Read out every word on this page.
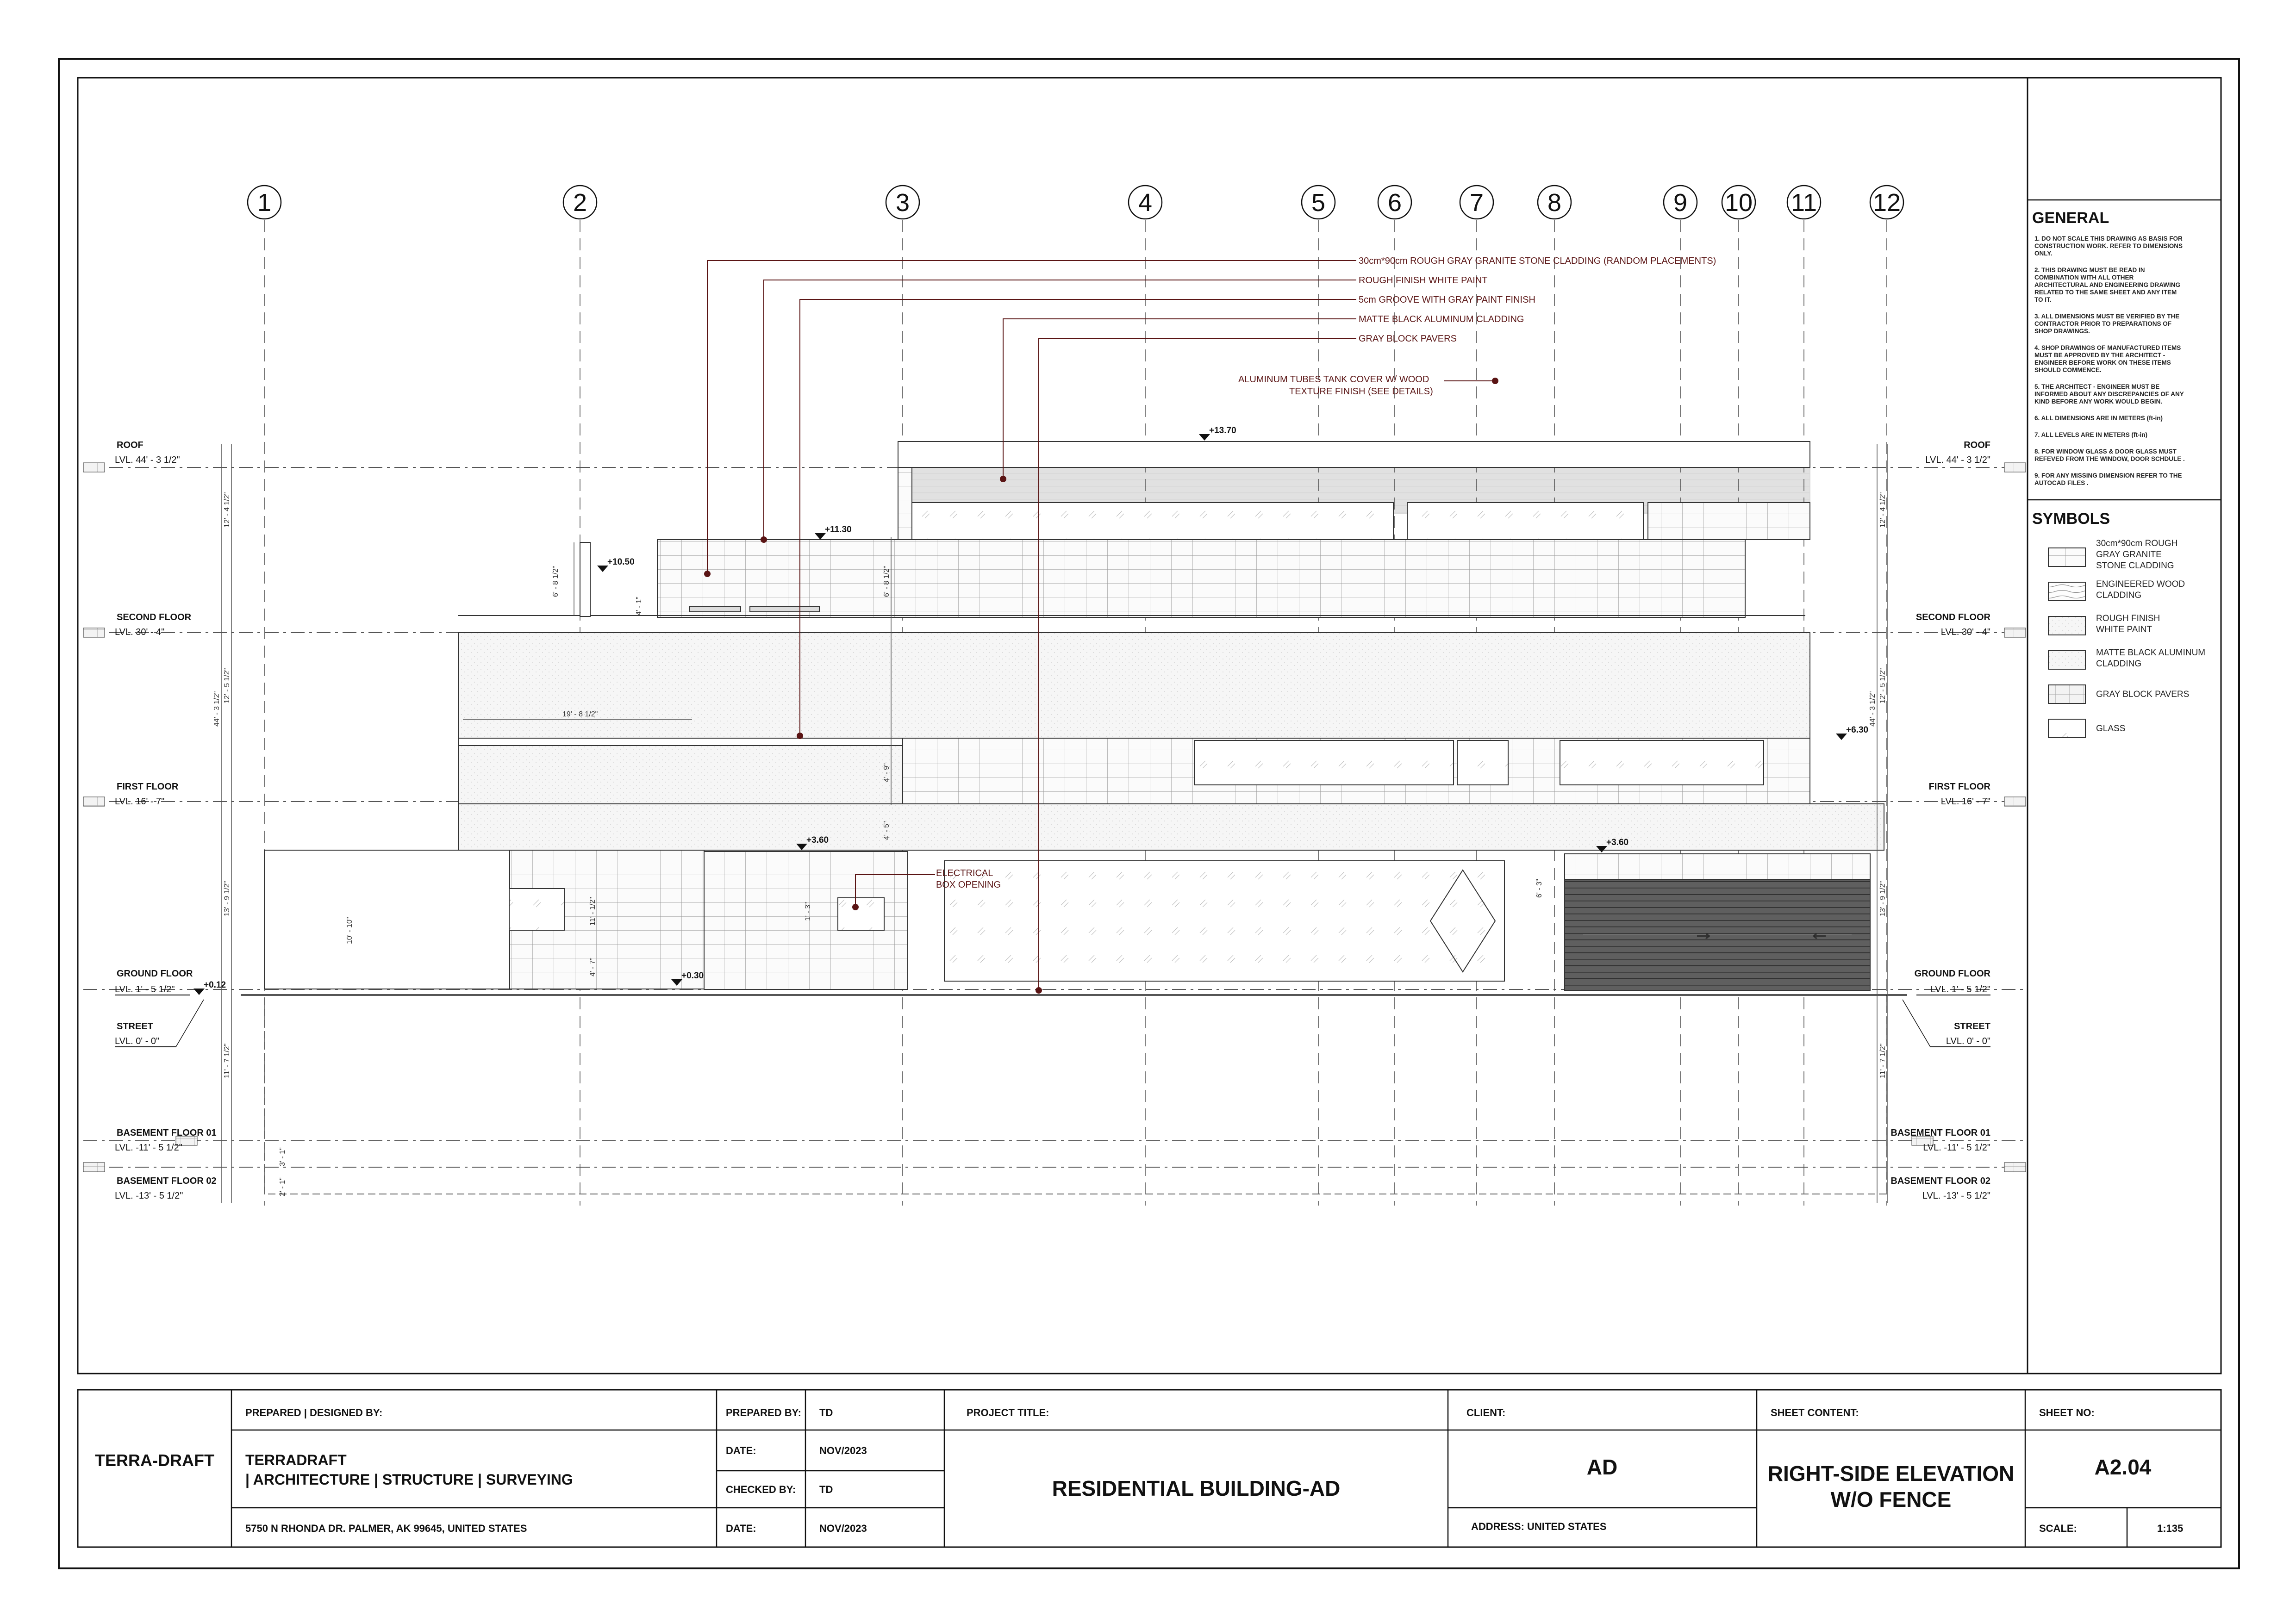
1	2	3	4	5 6	7	8	9 10 11 12
ROOF
LVL. 44' - 3 1/2"
SECOND FLOOR
LVL. 30' - 4"
FIRST FLOOR
LVL. 16' - 7"
GROUND FLOOR
LVL. 1' - 5 1/2"
STREET
LVL. 0' - 0"
BASEMENT FLOOR 01
LVL. -11' - 5 1/2"
BASEMENT FLOOR 02
LVL. -13' - 5 1/2"
ROOF
LVL. 44' - 3 1/2"
SECOND FLOOR
LVL. 30' - 4"
FIRST FLOOR
LVL. 16' - 7"
GROUND FLOOR
LVL. 1' - 5 1/2"
STREET
LVL. 0' - 0"
BASEMENT FLOOR 01
LVL. -11' - 5 1/2"
BASEMENT FLOOR 02
LVL. -13' - 5 1/2"
→	←
30cm*90cm ROUGH GRAY GRANITE STONE CLADDING (RANDOM PLACEMENTS)
ROUGH FINISH WHITE PAINT
5cm GROOVE WITH GRAY PAINT FINISH
MATTE BLACK ALUMINUM CLADDING
GRAY BLOCK PAVERS
ALUMINUM TUBES TANK COVER W/ WOOD
TEXTURE FINISH (SEE DETAILS)
ELECTRICAL
BOX OPENING
+13.70
+11.30
+10.50
+6.30
+3.60	+3.60
+0.30
+0.12
12' - 4 1/2"
12' - 5 1/2"
13' - 9 1/2"
11' - 7 1/2"
44' - 3 1/2"
12' - 4 1/2"
12' - 5 1/2"
13' - 9 1/2"
11' - 7 1/2"
44' - 3 1/2"
19' - 8 1/2"
6' - 8 1/2"
6' - 8 1/2"
4' - 9"
4' - 5"
6' - 3"
10' - 10"
11' - 1/2"
4' - 7"
4' - 1"
1' - 3"
3' - 1"
2' - 1"
GENERAL
1. DO NOT SCALE THIS DRAWING AS BASIS FOR
CONSTRUCTION WORK. REFER TO DIMENSIONS
ONLY.
2. THIS DRAWING MUST BE READ IN
COMBINATION WITH ALL OTHER
ARCHITECTURAL AND ENGINEERING DRAWING
RELATED TO THE SAME SHEET AND ANY ITEM
TO IT.
3. ALL DIMENSIONS MUST BE VERIFIED BY THE
CONTRACTOR PRIOR TO PREPARATIONS OF
SHOP DRAWINGS.
4. SHOP DRAWINGS OF MANUFACTURED ITEMS
MUST BE APPROVED BY THE ARCHITECT -
ENGINEER BEFORE WORK ON THESE ITEMS
SHOULD COMMENCE.
5. THE ARCHITECT - ENGINEER MUST BE
INFORMED ABOUT ANY DISCREPANCIES OF ANY
KIND BEFORE ANY WORK WOULD BEGIN.
6. ALL DIMENSIONS ARE IN METERS (ft-in)
7. ALL LEVELS ARE IN METERS (ft-in)
8. FOR WINDOW GLASS & DOOR GLASS MUST
REFEVED FROM THE WINDOW, DOOR SCHDULE .
9. FOR ANY MISSING DIMENSION REFER TO THE
AUTOCAD FILES .
SYMBOLS
30cm*90cm ROUGH
GRAY GRANITE
STONE CLADDING
ENGINEERED WOOD
CLADDING
ROUGH FINISH
WHITE PAINT
MATTE BLACK ALUMINUM
CLADDING
GRAY BLOCK PAVERS
GLASS
TERRA-DRAFT
PREPARED | DESIGNED BY:
TERRADRAFT
| ARCHITECTURE | STRUCTURE | SURVEYING
5750 N RHONDA DR. PALMER, AK 99645, UNITED STATES
PREPARED BY: TD
DATE:	NOV/2023
CHECKED BY: TD
DATE:	NOV/2023
PROJECT TITLE:
RESIDENTIAL BUILDING-AD
CLIENT:
AD
ADDRESS: UNITED STATES
SHEET CONTENT:
RIGHT-SIDE ELEVATION
W/O FENCE
SHEET NO:
A2.04
SCALE:	1:135
